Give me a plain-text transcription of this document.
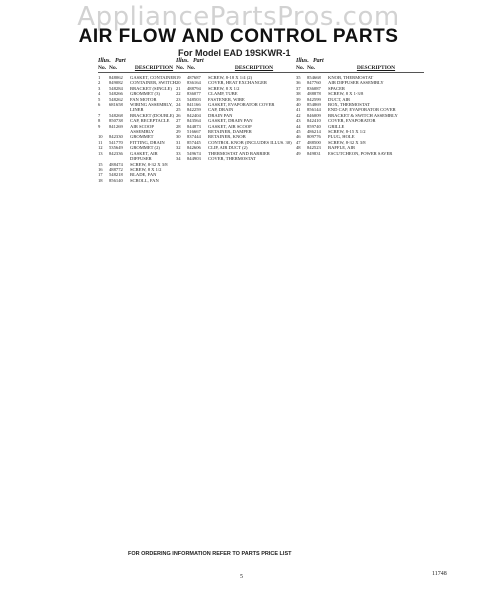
AppliancePartsPros.com
AIR FLOW AND CONTROL PARTS
For Model EAD 19SKWR-1
Illus. Part
No. No.	DESCRIPTION
1	848062	GASKET, CONTAINER
2	849082	CONTAINER, SWITCH
3	548284	BRACKET (SINGLE)
4	548266	GROMMET (3)
5	548262	FAN MOTOR
6	681658	WIRING ASSEMBLY, LINER
7	548268	BRACKET (DOUBLE)
8	850738	CAP, RECEPTACLE
9	841269	AIR SCOOP ASSEMBLY
10	842330	GROMMET
11	541770	FITTING, DRAIN
12	535649	GROMMET (2)
13	842336	GASKET, AIR DIFFUSER
15	488474	SCREW, 8-32 X 3/8
16	488772	SCREW, 8 X 1/2
17	548218	BLADE, FAN
18	856140	SCROLL, FAN
Illus. Part
No. No.	DESCRIPTION
19	487687	SCREW, 8-18 X 1/4 (2)
20	836164	COVER, HEAT EXCHANGER
21	488794	SCREW, 8 X 1/2
22	836077	CLAMP, TUBE
23	548503	FASTENER, WIRE
24	841166	GASKET, EVAPORATOR COVER
25	842259	CAP, DRAIN
26	842404	DRAIN PAN
27	843564	GASKET, DRAIN PAN
28	844873	GASKET, AIR SCOOP
29	516667	RETAINER, DAMPER
30	837444	RETAINER, KNOB
31	857445	CONTROL KNOB (INCLUDES ILLUS. 30)
32	842606	CLIP, AIR DUCT (2)
33	549674	THERMOSTAT AND BARRIER
34	844903	COVER, THERMOSTAT
Illus. Part
No. No.	DESCRIPTION
35	854668	KNOB, THERMOSTAT
36	847760	AIR DIFFUSER ASSEMBLY
37	836087	SPACER
38	488878	SCREW, 8 X 1-3/8
39	842599	DUCT, AIR
40	854869	BOX, THERMOSTAT
41	856144	END CAP, EVAPORATOR COVER
42	846009	BRACKET & SWITCH ASSEMBLY
43	842410	COVER, EVAPORATOR
44	859740	GRILLE
45	486214	SCREW, 8-15 X 1/2
46	809776	PLUG, HOLE
47	488500	SCREW, 8-32 X 3/8
48	842523	BAFFLE, AIR
49	849831	ESCUTCHEON, POWER SAVER
FOR ORDERING INFORMATION REFER TO PARTS PRICE LIST
5	11748
